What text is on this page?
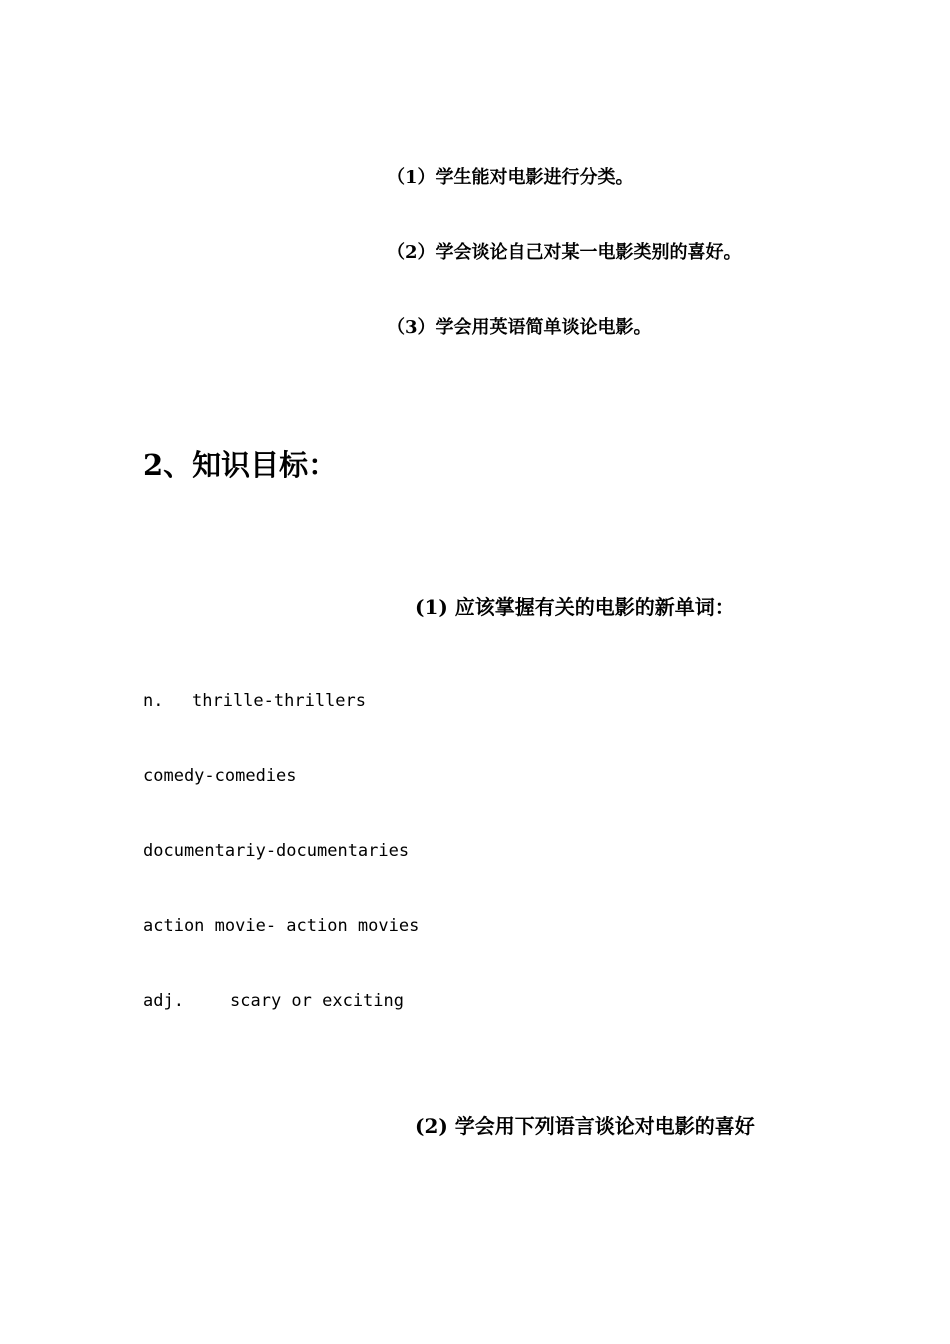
（1）学生能对电影进行分类。
（2）学会谈论自己对某一电影类别的喜好。
（3）学会用英语简单谈论电影。
2、知识目标：
(1) 应该掌握有关的电影的新单词：
n. thrille-thrillers
comedy-comedies
documentariy-documentaries
action movie- action movies
adj.	scary or exciting
(2) 学会用下列语言谈论对电影的喜好
